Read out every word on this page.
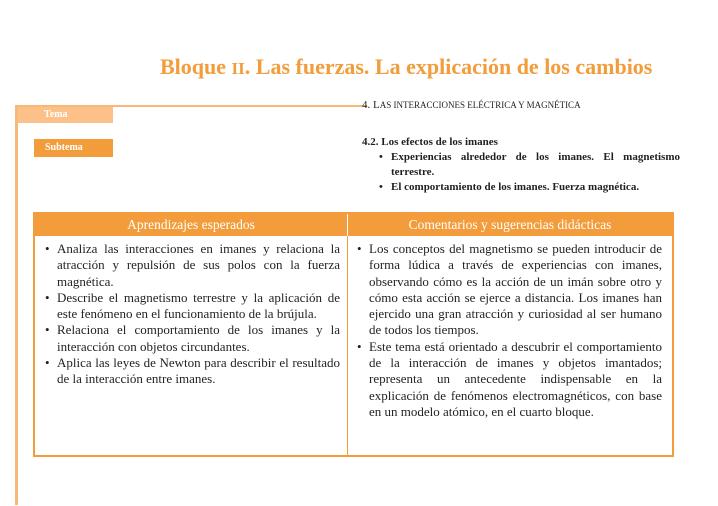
Bloque II. Las fuerzas. La explicación de los cambios
Tema
4. LAS INTERACCIONES ELÉCTRICA Y MAGNÉTICA
Subtema	4.2. Los efectos de los imanes
• Experiencias alrededor de los imanes. El magnetismo terrestre.
• El comportamiento de los imanes. Fuerza magnética.
Aprendizajes esperados	Comentarios y sugerencias didácticas
• Analiza las interacciones en imanes y relaciona la atracción y repulsión de sus polos con la fuerza magnética.
• Describe el magnetismo terrestre y la aplicación de este fenómeno en el funcionamiento de la brújula.
• Relaciona el comportamiento de los imanes y la interacción con objetos circundantes.
• Aplica las leyes de Newton para describir el resultado de la interacción entre imanes.
• Los conceptos del magnetismo se pueden introducir de forma lúdica a través de experiencias con imanes, observando cómo es la acción de un imán sobre otro y cómo esta acción se ejerce a distancia. Los imanes han ejercido una gran atracción y curiosidad al ser humano de todos los tiempos.
• Este tema está orientado a descubrir el comportamiento de la interacción de imanes y objetos imantados; representa un antecedente indispensable en la explicación de fenómenos electromagnéticos, con base en un modelo atómico, en el cuarto bloque.
